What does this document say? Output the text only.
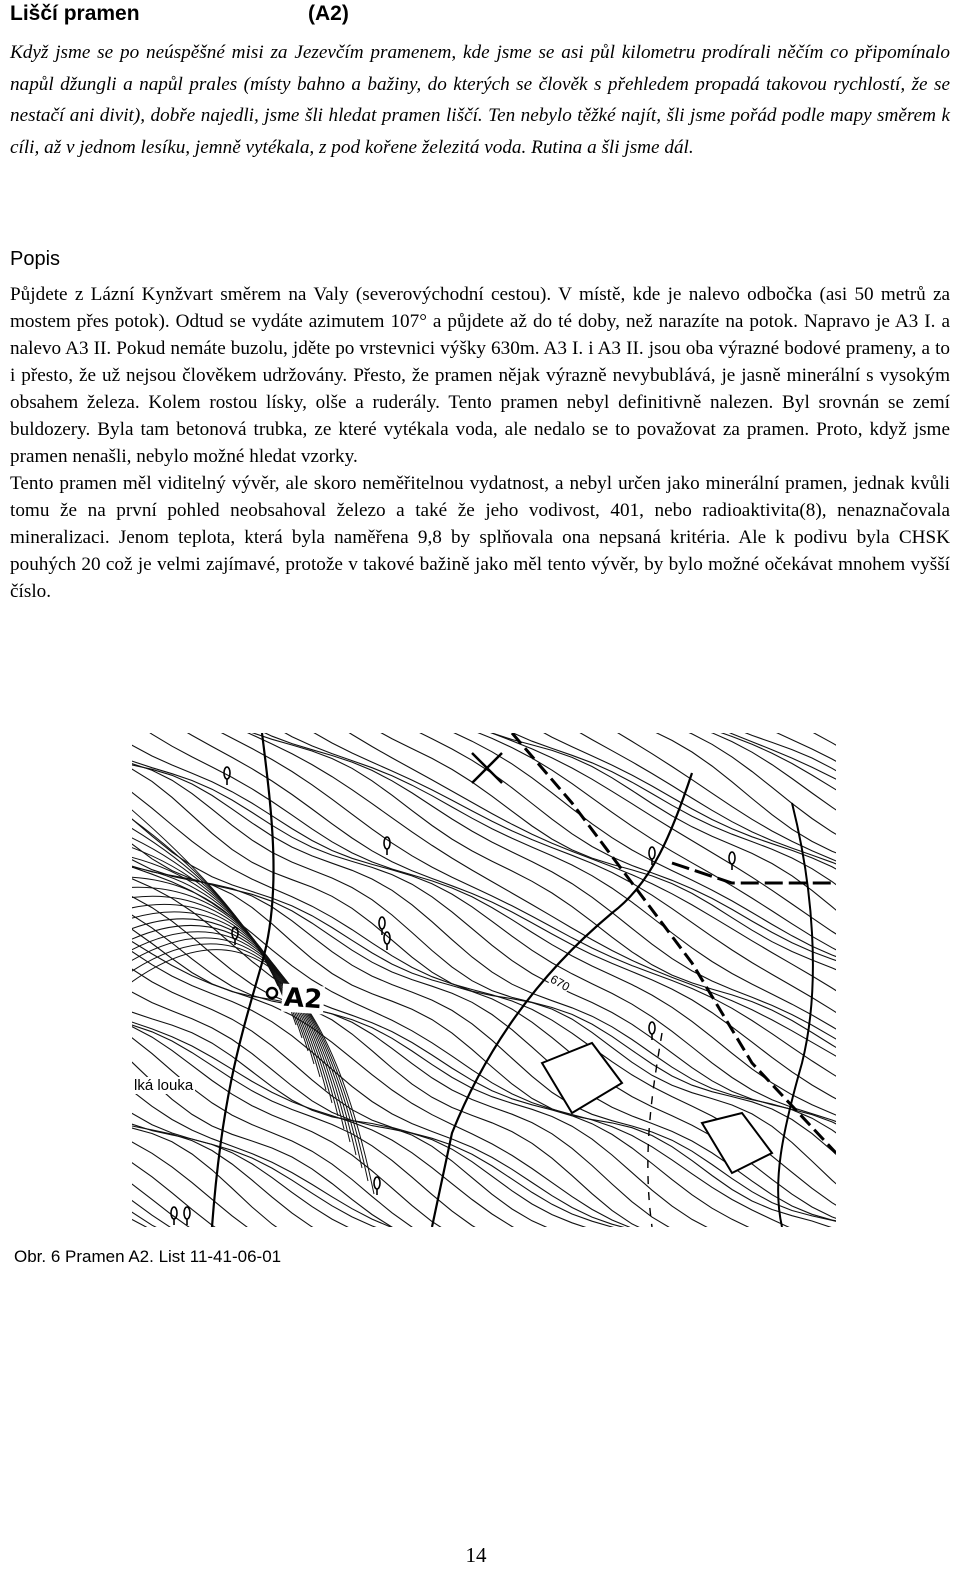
Liščí pramen	(A2)

Když jsme se po neúspěšné misi za Jezevčím pramenem, kde jsme se asi půl kilometru prodírali něčím co připomínalo napůl džungli a napůl prales (místy bahno a bažiny, do kterých se člověk s přehledem propadá takovou rychlostí, že se nestačí ani divit), dobře najedli, jsme šli hledat pramen liščí. Ten nebylo těžké najít, šli jsme pořád podle mapy směrem k cíli, až v jednom lesíku, jemně vytékala, z pod kořene železitá voda. Rutina a šli jsme dál.

Popis

Půjdete z Lázní Kynžvart směrem na Valy (severovýchodní cestou). V místě, kde je nalevo odbočka (asi 50 metrů za mostem přes potok). Odtud se vydáte azimutem 107° a půjdete až do té doby, než narazíte na potok. Napravo je A3 I. a nalevo A3 II. Pokud nemáte buzolu, jděte po vrstevnici výšky 630m. A3 I. i A3 II. jsou oba výrazné bodové prameny, a to i přesto, že už nejsou člověkem udržovány. Přesto, že pramen nějak výrazně nevybublává, je jasně minerální s vysokým obsahem železa. Kolem rostou lísky, olše a ruderály. Tento pramen nebyl definitivně nalezen. Byl srovnán se zemí buldozery. Byla tam betonová trubka, ze které vytékala voda, ale nedalo se to považovat za pramen. Proto, když jsme pramen nenašli, nebylo možné hledat vzorky.

Tento pramen měl viditelný vývěr, ale skoro neměřitelnou vydatnost, a nebyl určen jako minerální pramen, jednak kvůli tomu že na první pohled neobsahoval železo a také že jeho vodivost, 401, nebo radioaktivita(8), nenaznačovala mineralizaci. Jenom teplota, která byla naměřena 9,8 by splňovala ona nepsaná kritéria. Ale k podivu byla CHSK pouhých 20 což je velmi zajímavé, protože v takové bažině jako měl tento vývěr, by bylo možné očekávat mnohem vyšší číslo.

A2
lká louka
670
Obr. 6 Pramen A2. List 11-41-06-01
14
